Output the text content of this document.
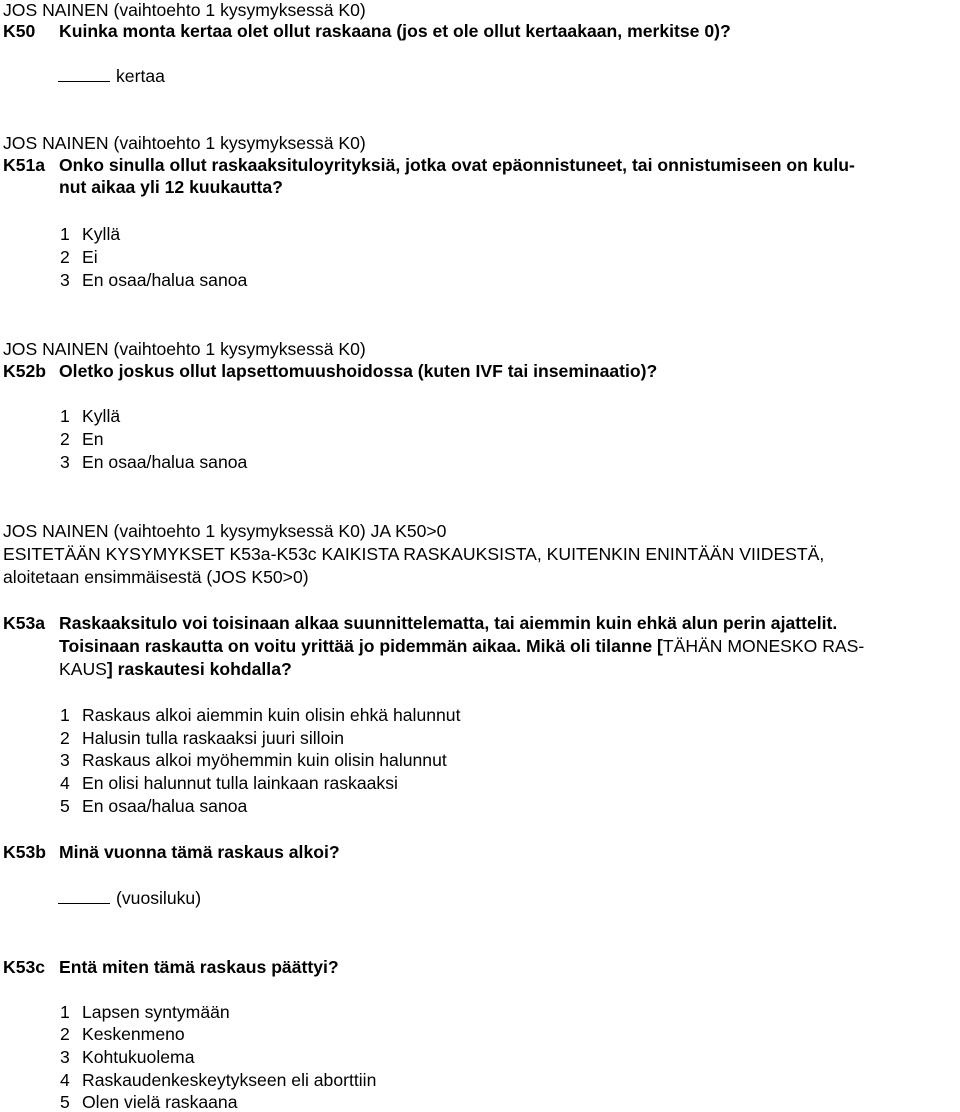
JOS NAINEN (vaihtoehto 1 kysymyksessä K0)
K50 Kuinka monta kertaa olet ollut raskaana (jos et ole ollut kertaakaan, merkitse 0)?
kertaa
JOS NAINEN (vaihtoehto 1 kysymyksessä K0)
K51a Onko sinulla ollut raskaaksituloyrityksiä, jotka ovat epäonnistuneet, tai onnistumiseen on kulu-
nut aikaa yli 12 kuukautta?
1 Kyllä
2 Ei
3 En osaa/halua sanoa
JOS NAINEN (vaihtoehto 1 kysymyksessä K0)
K52b Oletko joskus ollut lapsettomuushoidossa (kuten IVF tai inseminaatio)?
1 Kyllä
2 En
3 En osaa/halua sanoa
JOS NAINEN (vaihtoehto 1 kysymyksessä K0) JA K50>0
ESITETÄÄN KYSYMYKSET K53a-K53c KAIKISTA RASKAUKSISTA, KUITENKIN ENINTÄÄN VIIDESTÄ,
aloitetaan ensimmäisestä (JOS K50>0)
K53a Raskaaksitulo voi toisinaan alkaa suunnittelematta, tai aiemmin kuin ehkä alun perin ajattelit.
Toisinaan raskautta on voitu yrittää jo pidemmän aikaa. Mikä oli tilanne [TÄHÄN MONESKO RAS-
KAUS] raskautesi kohdalla?
1 Raskaus alkoi aiemmin kuin olisin ehkä halunnut
2 Halusin tulla raskaaksi juuri silloin
3 Raskaus alkoi myöhemmin kuin olisin halunnut
4 En olisi halunnut tulla lainkaan raskaaksi
5 En osaa/halua sanoa
K53b Minä vuonna tämä raskaus alkoi?
(vuosiluku)
K53c Entä miten tämä raskaus päättyi?
1 Lapsen syntymään
2 Keskenmeno
3 Kohtukuolema
4 Raskaudenkeskeytykseen eli aborttiin
5 Olen vielä raskaana
